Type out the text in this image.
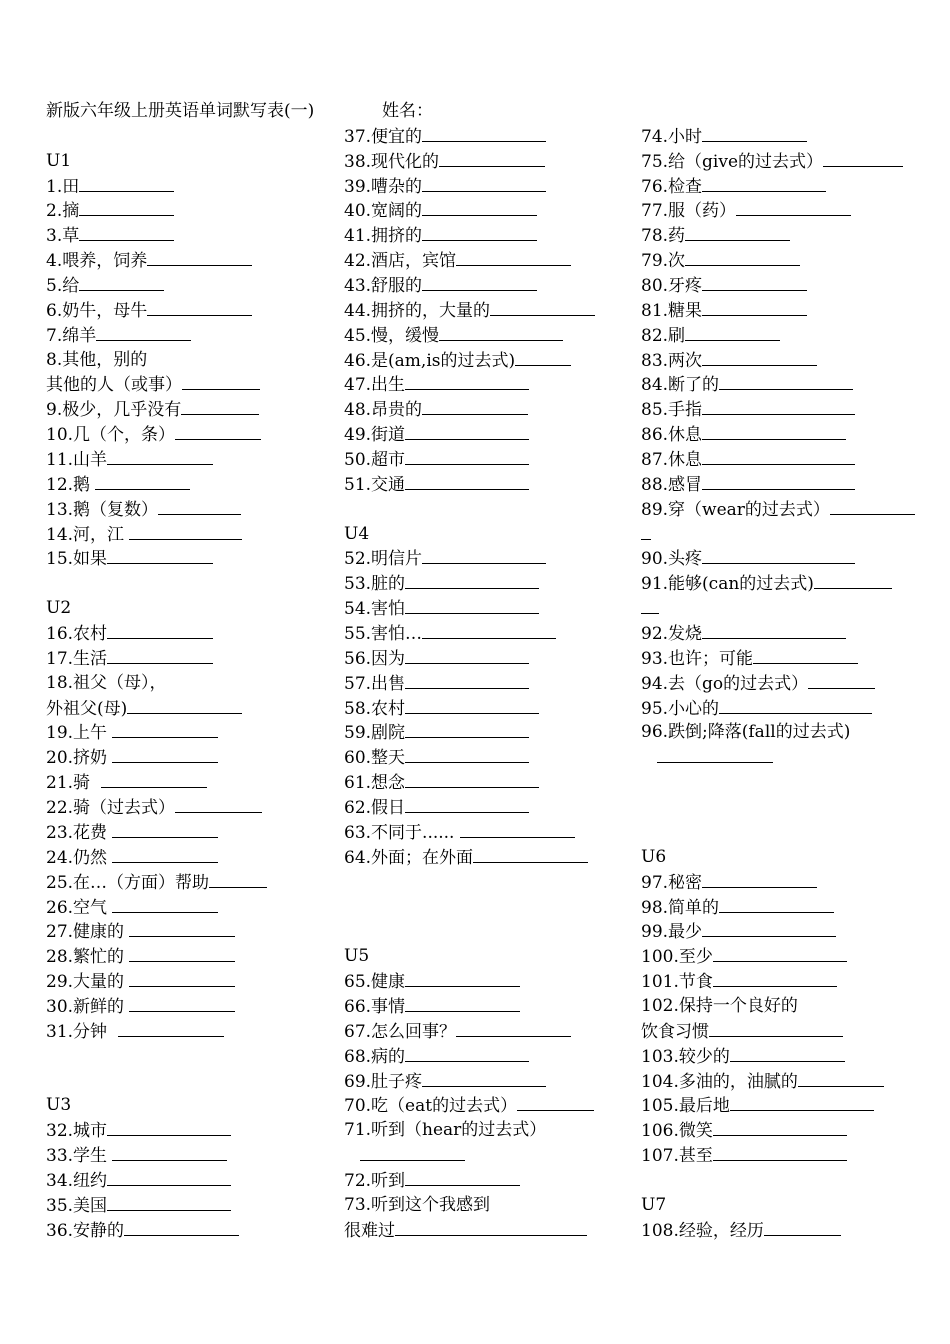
新版六年级上册英语单词默写表(一)
U1
1.田
2.摘
3.草
4.喂养，饲养
5.给
6.奶牛，母牛
7.绵羊
8.其他，别的
其他的人（或事）
9.极少，几乎没有
10.几（个，条）
11.山羊
12.鹅
13.鹅（复数）
14.河，江
15.如果
U2
16.农村
17.生活
18.祖父（母），
外祖父(母)
19.上午
20.挤奶
21.骑
22.骑（过去式）
23.花费
24.仍然
25.在…（方面）帮助
26.空气
27.健康的
28.繁忙的
29.大量的
30.新鲜的
31.分钟
U3
32.城市
33.学生
34.纽约
35.美国
36.安静的
姓名：
37.便宜的
38.现代化的
39.嘈杂的
40.宽阔的
41.拥挤的
42.酒店，宾馆
43.舒服的
44.拥挤的，大量的
45.慢，缓慢
46.是(am,is的过去式)
47.出生
48.昂贵的
49.街道
50.超市
51.交通
U4
52.明信片
53.脏的
54.害怕
55.害怕…
56.因为
57.出售
58.农村
59.剧院
60.整天
61.想念
62.假日
63.不同于......
64.外面；在外面
U5
65.健康
66.事情
67.怎么回事？
68.病的
69.肚子疼
70.吃（eat的过去式）
71.听到（hear的过去式）

72.听到
73.听到这个我感到
很难过
74.小时
75.给（give的过去式）
76.检查
77.服（药）
78.药
79.次
80.牙疼
81.糖果
82.刷
83.两次
84.断了的
85.手指
86.休息
87.休息
88.感冒
89.穿（wear的过去式）
90.头疼
91.能够(can的过去式)
92.发烧
93.也许；可能
94.去（go的过去式）
95.小心的
96.跌倒;降落(fall的过去式)

U6
97.秘密
98.简单的
99.最少
100.至少
101.节食
102.保持一个良好的
饮食习惯
103.较少的
104.多油的，油腻的
105.最后地
106.微笑
107.甚至
U7
108.经验，经历
